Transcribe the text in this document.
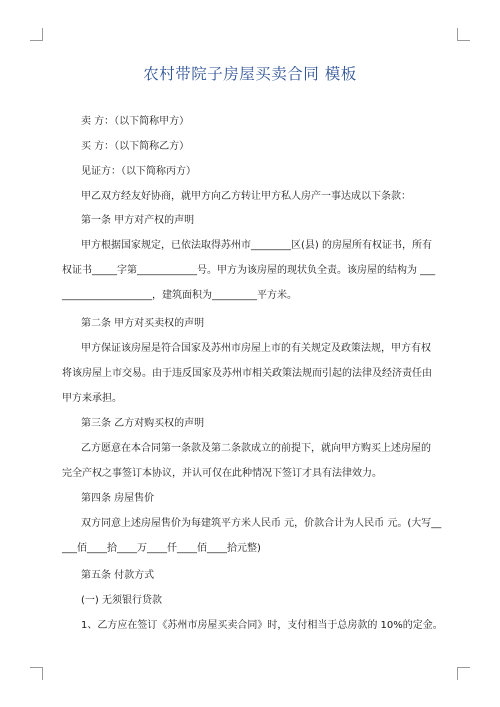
农村带院子房屋买卖合同 模板
卖 方：（以下简称甲方）
买 方：（以下简称乙方）
见证方：（以下简称丙方）
甲乙双方经友好协商，就甲方向乙方转让甲方私人房产一事达成以下条款：
第一条 甲方对产权的声明
甲方根据国家规定，已依法取得苏州市________区(县) 的房屋所有权证书，所有
权证书_____字第____________号。甲方为该房屋的现状负全责。该房屋的结构为 ___
__________________，建筑面积为_________平方米。
第二条 甲方对买卖权的声明
甲方保证该房屋是符合国家及苏州市房屋上市的有关规定及政策法规，甲方有权
将该房屋上市交易。由于违反国家及苏州市相关政策法规而引起的法律及经济责任由
甲方来承担。
第三条 乙方对购买权的声明
乙方愿意在本合同第一条款及第二条款成立的前提下，就向甲方购买上述房屋的
完全产权之事签订本协议，并认可仅在此种情况下签订才具有法律效力。
第四条 房屋售价
双方同意上述房屋售价为每建筑平方米人民币 元，价款合计为人民币 元。(大写__
___佰____拾____万____仟____佰____拾元整)
第五条 付款方式
(一) 无须银行贷款
1、乙方应在签订《苏州市房屋买卖合同》时，支付相当于总房款的 10%的定金。
